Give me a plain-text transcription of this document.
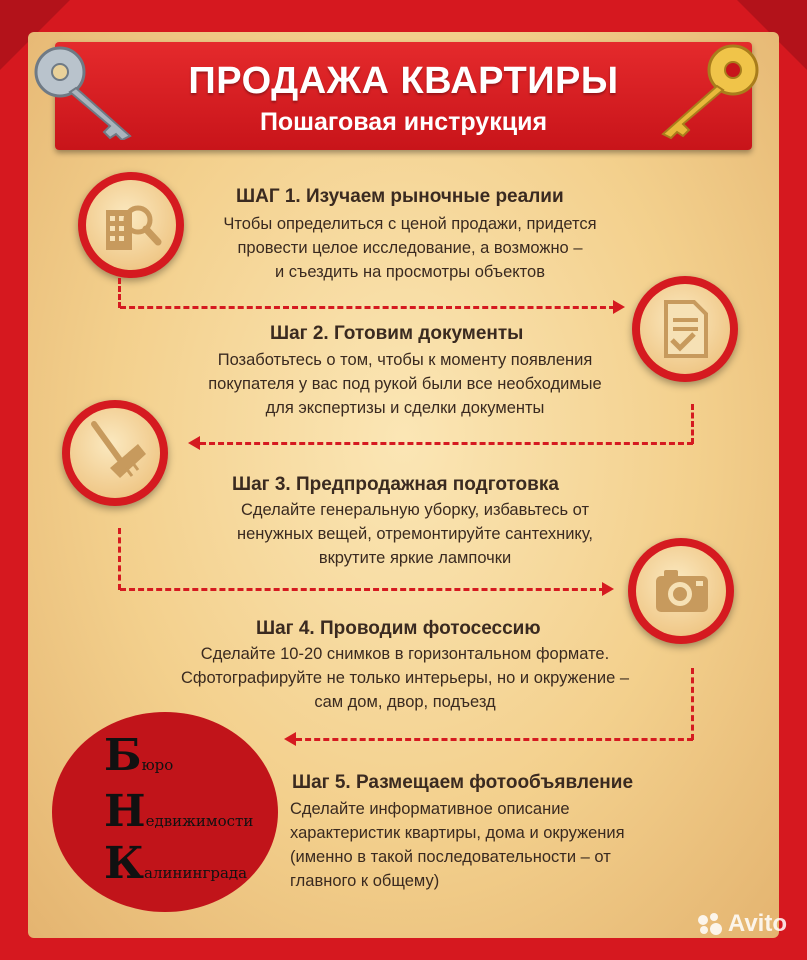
ПРОДАЖА КВАРТИРЫ
Пошаговая инструкция
ШАГ 1. Изучаем рыночные реалии
Чтобы определиться с ценой продажи, придется
провести целое исследование, а возможно –
и съездить на просмотры объектов
Шаг 2. Готовим документы
Позаботьтесь о том, чтобы к моменту появления
покупателя у вас под рукой были все необходимые
для экспертизы и сделки документы
Шаг 3. Предпродажная подготовка
Сделайте генеральную уборку, избавьтесь от
ненужных вещей, отремонтируйте сантехнику,
вкрутите яркие лампочки
Шаг 4. Проводим фотосессию
Сделайте 10-20 снимков в горизонтальном формате.
Сфотографируйте не только интерьеры, но и окружение –
сам дом, двор, подъезд
Бюро
Недвижимости
Калининграда
Шаг 5. Размещаем фотообъявление
Сделайте информативное описание
характеристик квартиры, дома и окружения
(именно в такой последовательности – от
главного к общему)
Avito
